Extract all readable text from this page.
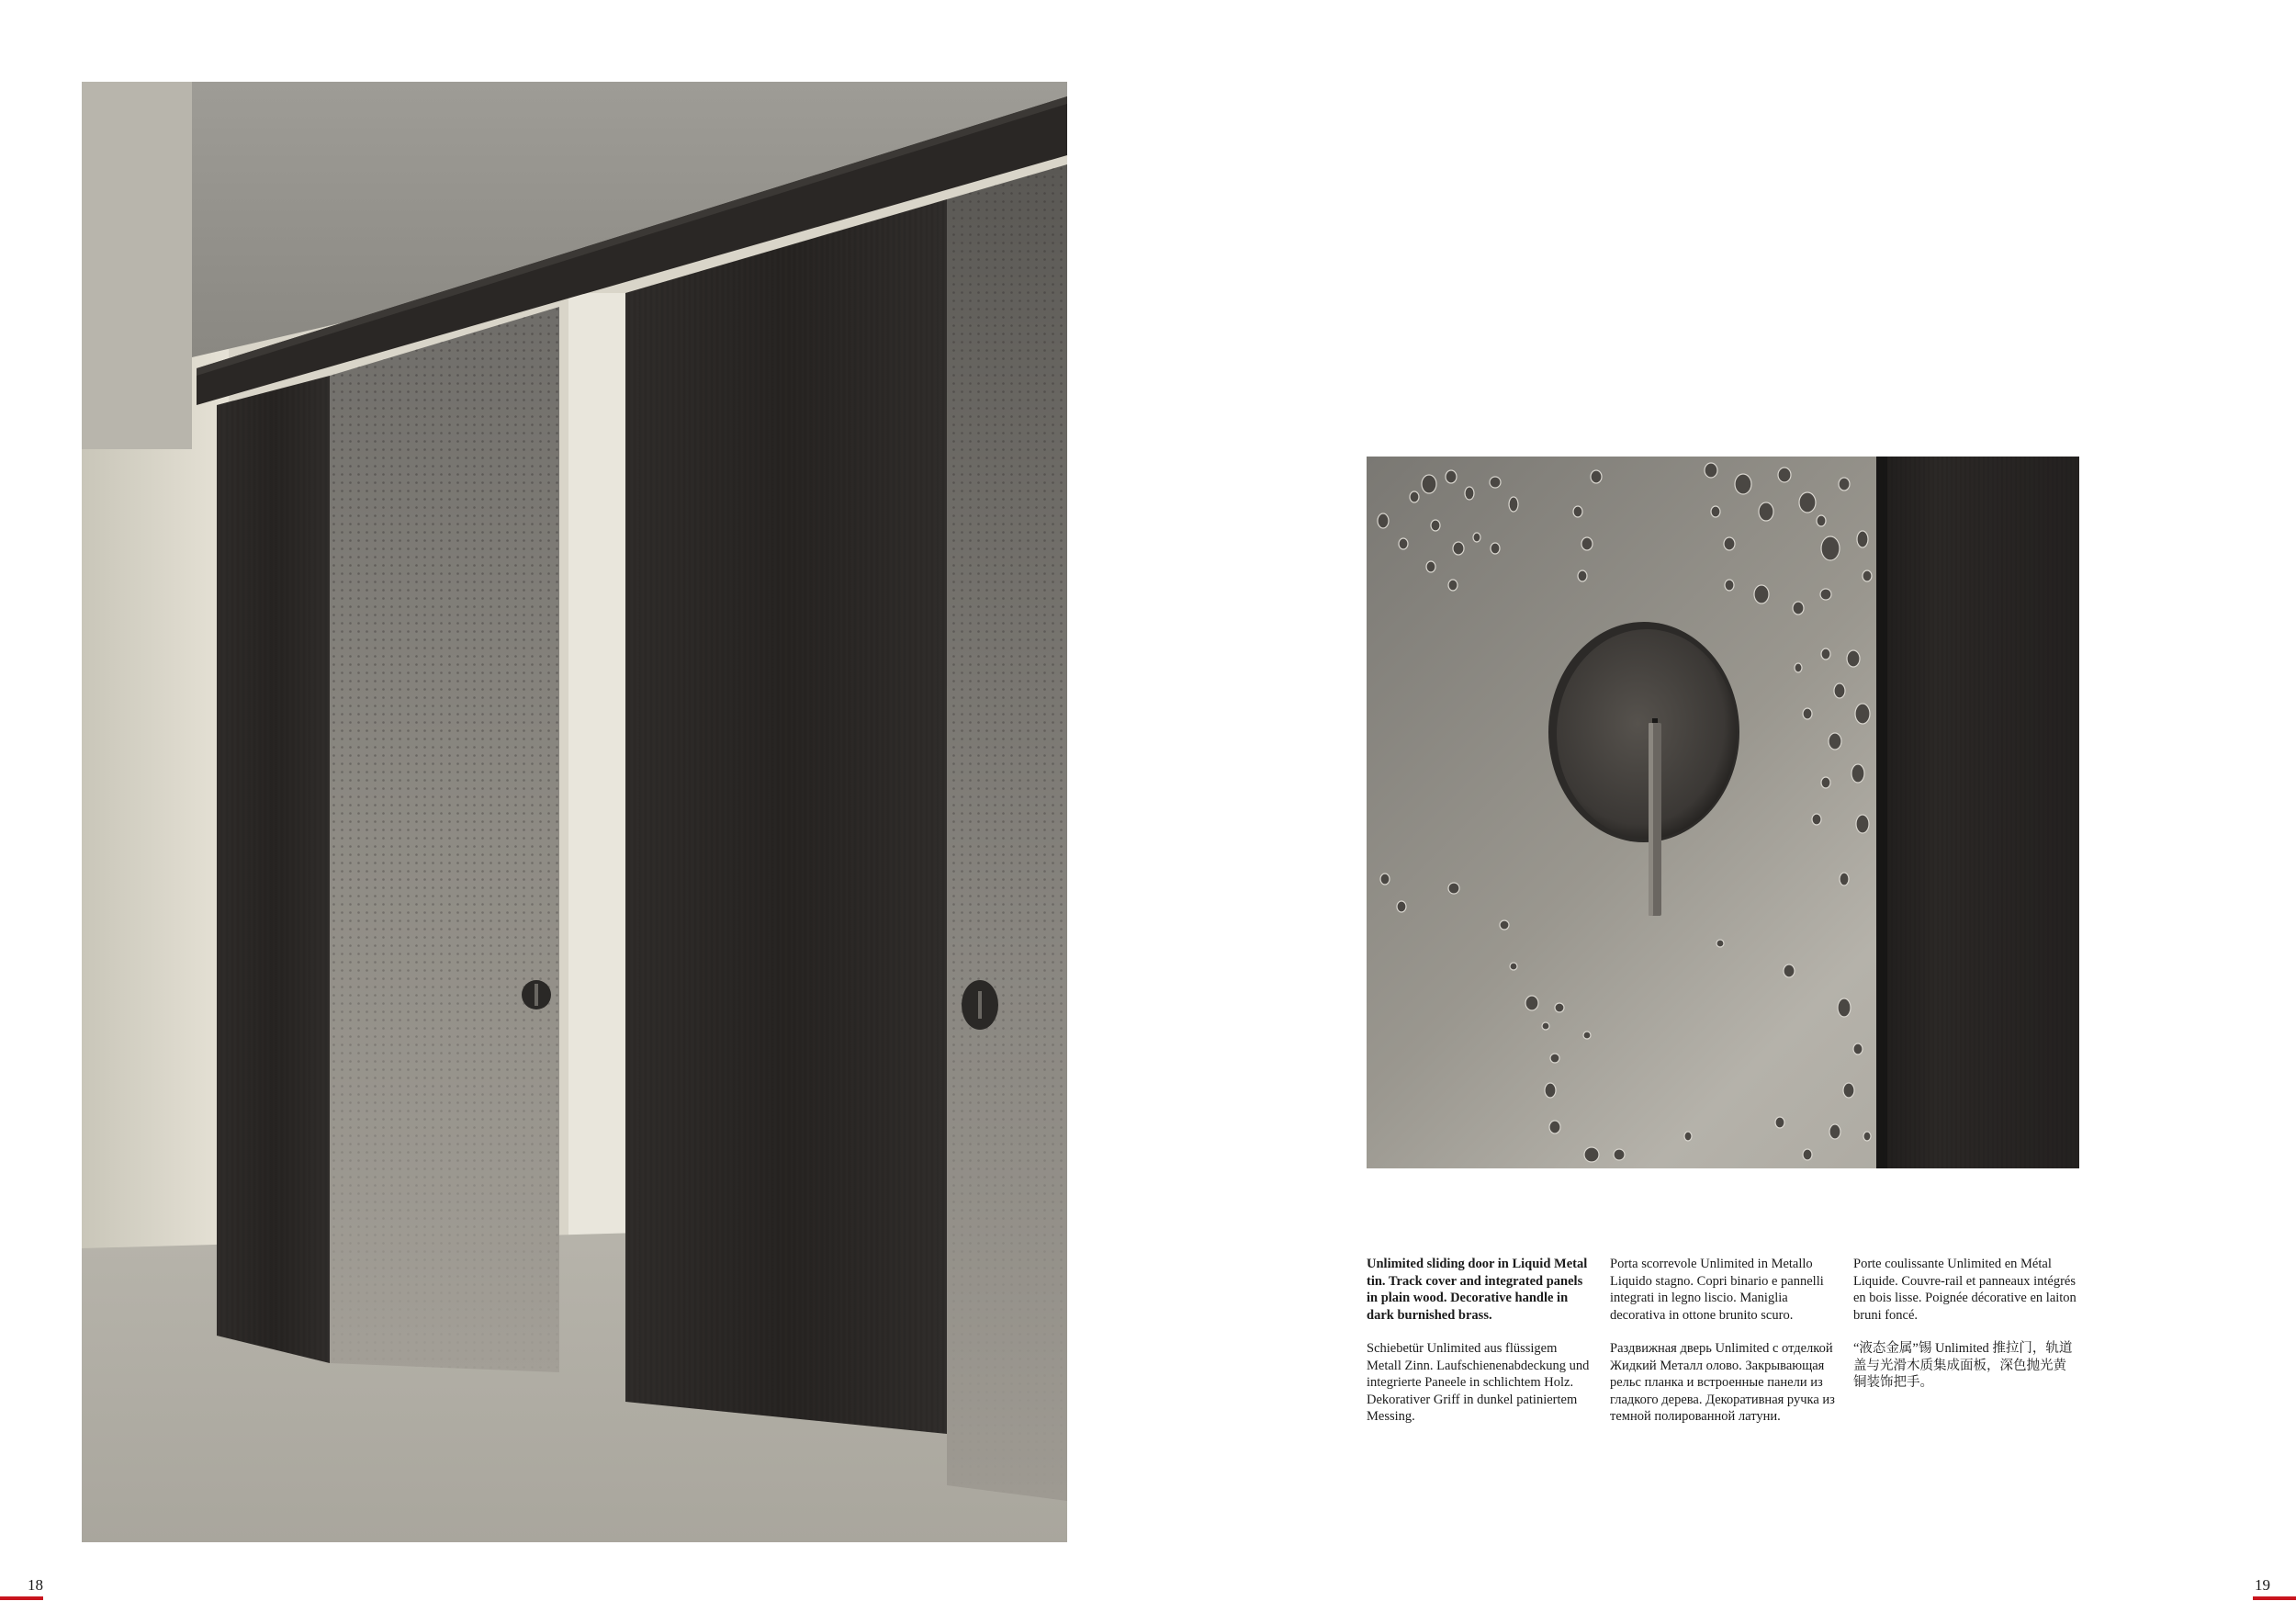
Unlimited sliding door in Liquid Metal tin. Track cover and integrated panels in plain wood. Decorative handle in dark burnished brass.

Schiebetür Unlimited aus flüssigem Metall Zinn. Laufschienenabdeckung und integrierte Paneele in schlichtem Holz. Dekorativer Griff in dunkel patiniertem Messing.

Porta scorrevole Unlimited in Metallo Liquido stagno. Copri binario e pannelli integrati in legno liscio. Maniglia decorativa in ottone brunito scuro.

Раздвижная дверь Unlimited с отделкой Жидкий Металл олово. Закрывающая рельс планка и встроенные панели из гладкого дерева. Декоративная ручка из темной полированной латуни.

Porte coulissante Unlimited en Métal Liquide. Couvre-rail et panneaux intégrés en bois lisse. Poignée décorative en laiton bruni foncé.

“液态金属”锡 Unlimited 推拉门，轨道盖与光滑木质集成面板，深色抛光黄铜装饰把手。

18	19
